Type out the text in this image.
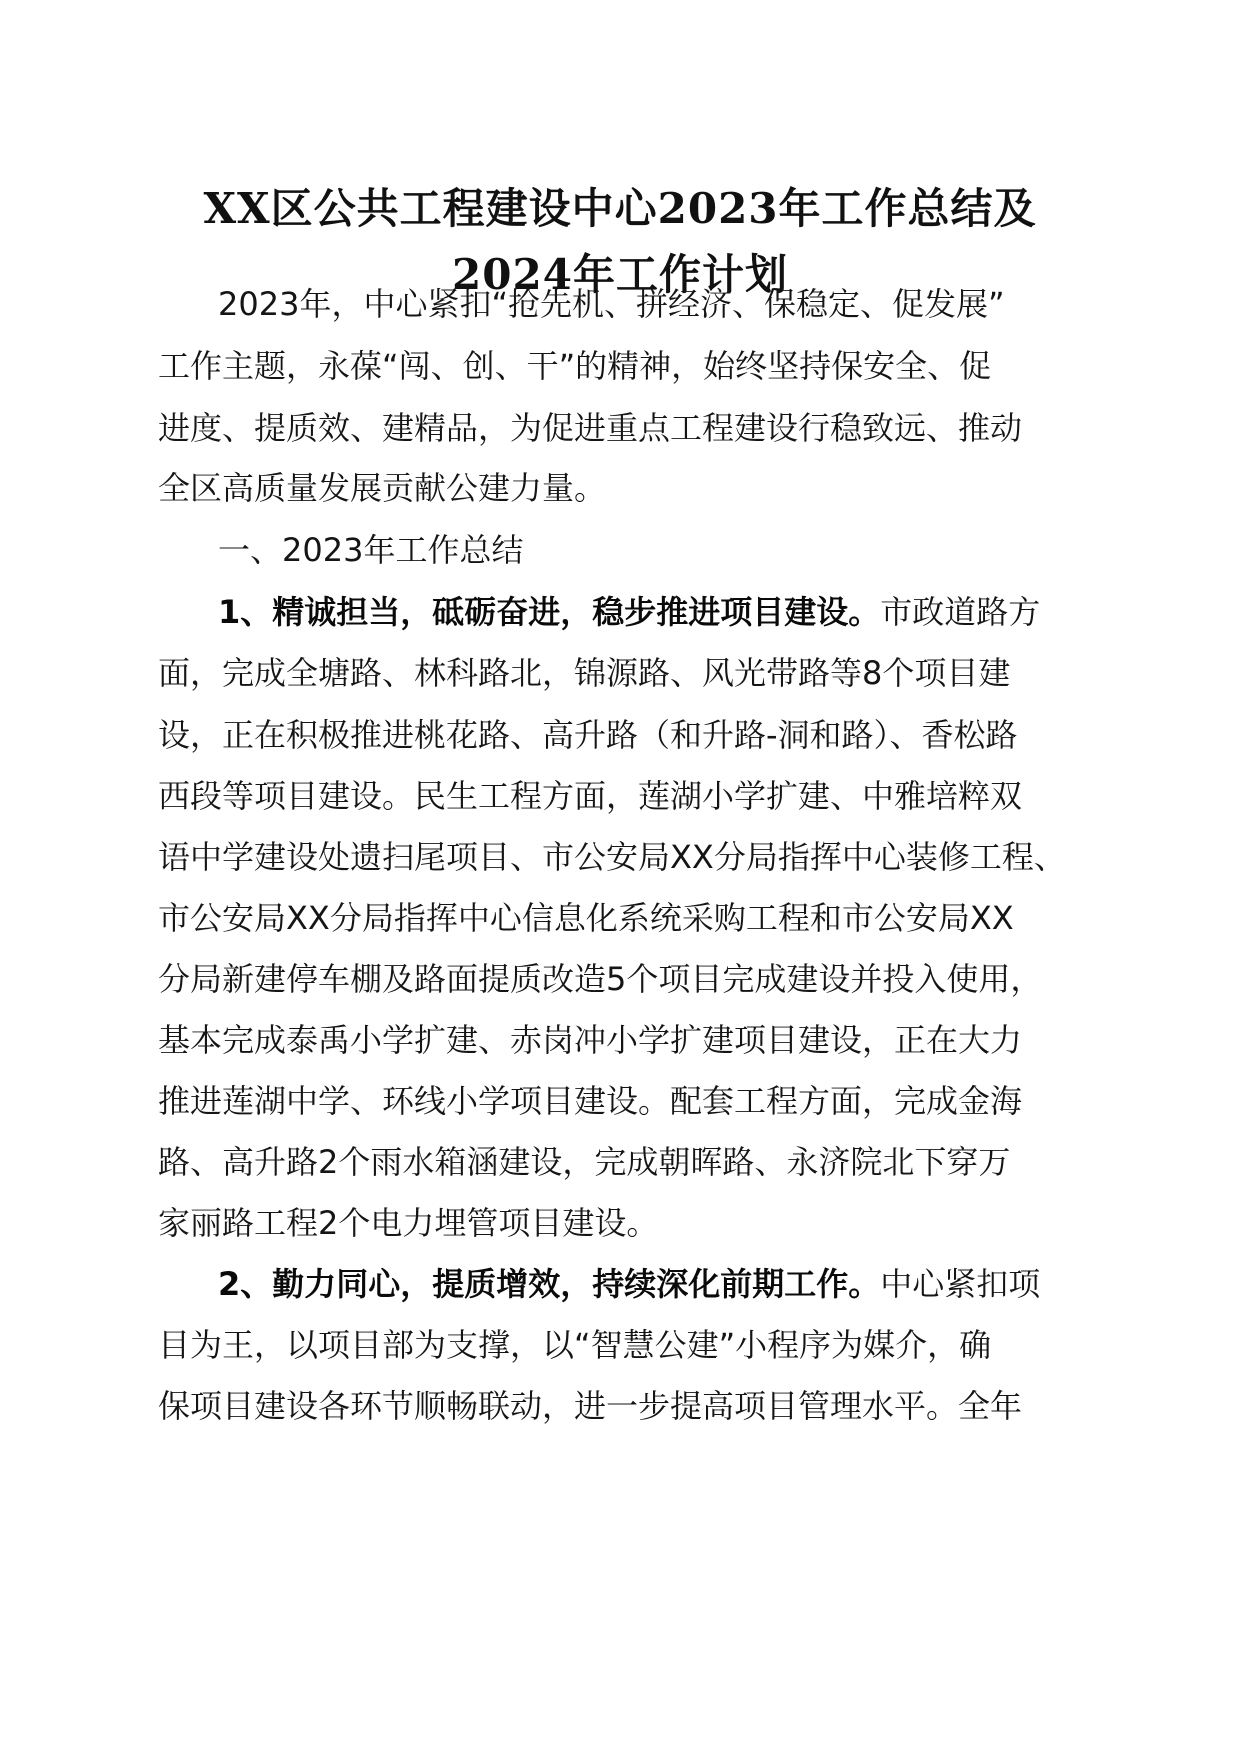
XX区公共工程建设中心2023年工作总结及
2024年工作计划
2023年，中心紧扣“抢先机、拼经济、保稳定、促发展”
工作主题，永葆“闯、创、干”的精神，始终坚持保安全、促
进度、提质效、建精品，为促进重点工程建设行稳致远、推动
全区高质量发展贡献公建力量。
一、2023年工作总结
1、精诚担当，砥砺奋进，稳步推进项目建设。市政道路方
面，完成全塘路、林科路北，锦源路、风光带路等8个项目建
设，正在积极推进桃花路、高升路（和升路-洞和路）、香松路
西段等项目建设。民生工程方面，莲湖小学扩建、中雅培粹双
语中学建设处遗扫尾项目、市公安局XX分局指挥中心装修工程、
市公安局XX分局指挥中心信息化系统采购工程和市公安局XX
分局新建停车棚及路面提质改造5个项目完成建设并投入使用，
基本完成泰禹小学扩建、赤岗冲小学扩建项目建设，正在大力
推进莲湖中学、环线小学项目建设。配套工程方面，完成金海
路、高升路2个雨水箱涵建设，完成朝晖路、永济院北下穿万
家丽路工程2个电力埋管项目建设。
2、勤力同心，提质增效，持续深化前期工作。中心紧扣项
目为王，以项目部为支撑，以“智慧公建”小程序为媒介，确
保项目建设各环节顺畅联动，进一步提高项目管理水平。全年
